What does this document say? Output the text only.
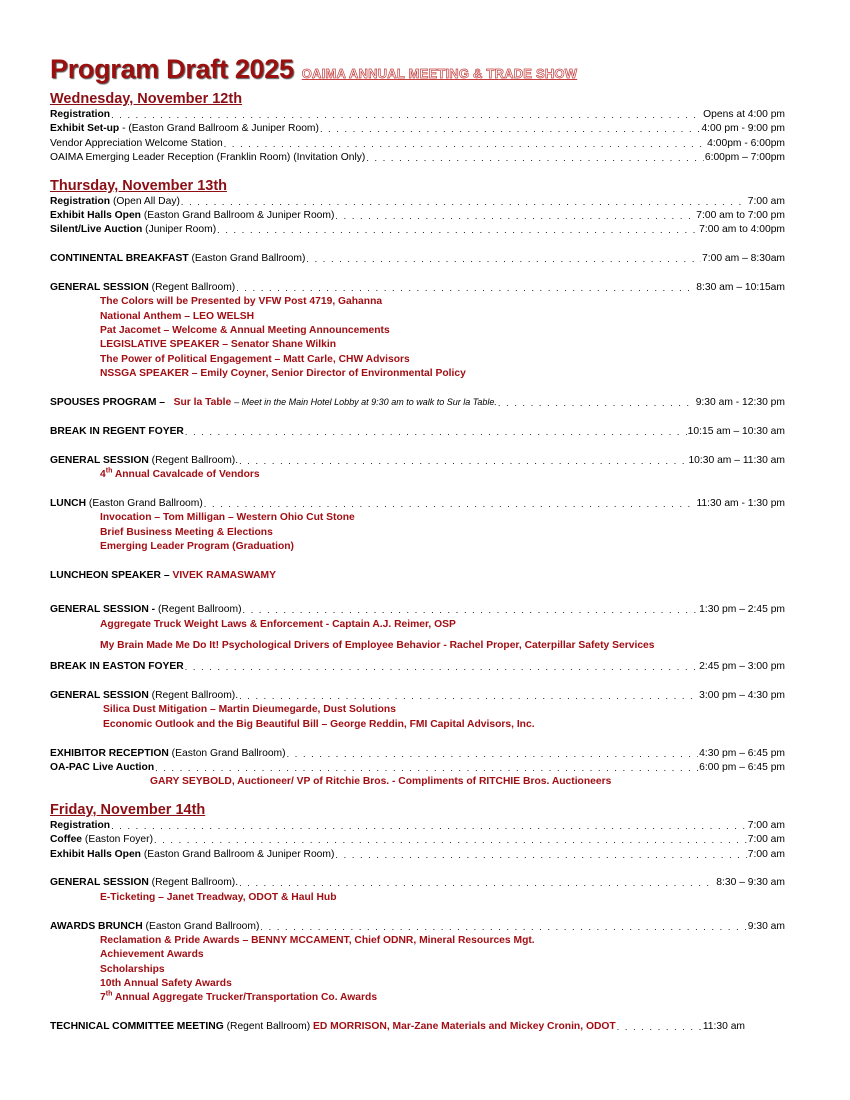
Program Draft 2025 OAIMA ANNUAL MEETING & TRADE SHOW
Wednesday, November 12th
Registration . . .	Opens at 4:00 pm
Exhibit Set-up - (Easton Grand Ballroom & Juniper Room) . . .	4:00 pm - 9:00 pm
Vendor Appreciation Welcome Station . . .	4:00pm - 6:00pm
OAIMA Emerging Leader Reception (Franklin Room) (Invitation Only) . . .	6:00pm – 7:00pm
Thursday, November 13th
Registration (Open All Day) . . .	7:00 am
Exhibit Halls Open (Easton Grand Ballroom & Juniper Room) . . .	7:00 am to 7:00 pm
Silent/Live Auction (Juniper Room) . . .	7:00 am to 4:00pm
CONTINENTAL BREAKFAST (Easton Grand Ballroom) . . .	7:00 am – 8:30am
GENERAL SESSION (Regent Ballroom) . . .	8:30 am – 10:15am
The Colors will be Presented by VFW Post 4719, Gahanna
National Anthem – LEO WELSH
Pat Jacomet – Welcome & Annual Meeting Announcements
LEGISLATIVE SPEAKER – Senator Shane Wilkin
The Power of Political Engagement – Matt Carle, CHW Advisors
NSSGA SPEAKER – Emily Coyner, Senior Director of Environmental Policy
SPOUSES PROGRAM – Sur la Table – Meet in the Main Hotel Lobby at 9:30 am to walk to Sur la Table. . . .	9:30 am - 12:30 pm
BREAK IN REGENT FOYER . . .	10:15 am – 10:30 am
GENERAL SESSION (Regent Ballroom). . . .	10:30 am – 11:30 am
4th Annual Cavalcade of Vendors
LUNCH (Easton Grand Ballroom) . . .	11:30 am - 1:30 pm
Invocation – Tom Milligan – Western Ohio Cut Stone
Brief Business Meeting & Elections
Emerging Leader Program (Graduation)
LUNCHEON SPEAKER – VIVEK RAMASWAMY
GENERAL SESSION - (Regent Ballroom) . . .	1:30 pm – 2:45 pm
Aggregate Truck Weight Laws & Enforcement - Captain A.J. Reimer, OSP
My Brain Made Me Do It! Psychological Drivers of Employee Behavior - Rachel Proper, Caterpillar Safety Services
BREAK IN EASTON FOYER . . .	2:45 pm – 3:00 pm
GENERAL SESSION (Regent Ballroom). . . .	3:00 pm – 4:30 pm
Silica Dust Mitigation – Martin Dieumegarde, Dust Solutions
Economic Outlook and the Big Beautiful Bill – George Reddin, FMI Capital Advisors, Inc.
EXHIBITOR RECEPTION (Easton Grand Ballroom) . . .	4:30 pm – 6:45 pm
OA-PAC Live Auction . . .	6:00 pm – 6:45 pm
GARY SEYBOLD, Auctioneer/ VP of Ritchie Bros. - Compliments of RITCHIE Bros. Auctioneers
Friday, November 14th
Registration . . .	7:00 am
Coffee (Easton Foyer) . . .	7:00 am
Exhibit Halls Open (Easton Grand Ballroom & Juniper Room) . . .	7:00 am
GENERAL SESSION (Regent Ballroom). . . .	8:30 – 9:30 am
E-Ticketing – Janet Treadway, ODOT & Haul Hub
AWARDS BRUNCH (Easton Grand Ballroom) . . .	9:30 am
Reclamation & Pride Awards – BENNY MCCAMENT, Chief ODNR, Mineral Resources Mgt.
Achievement Awards
Scholarships
10th Annual Safety Awards
7th Annual Aggregate Trucker/Transportation Co. Awards
TECHNICAL COMMITTEE MEETING (Regent Ballroom) ED MORRISON, Mar-Zane Materials and Mickey Cronin, ODOT . . .	11:30 am
